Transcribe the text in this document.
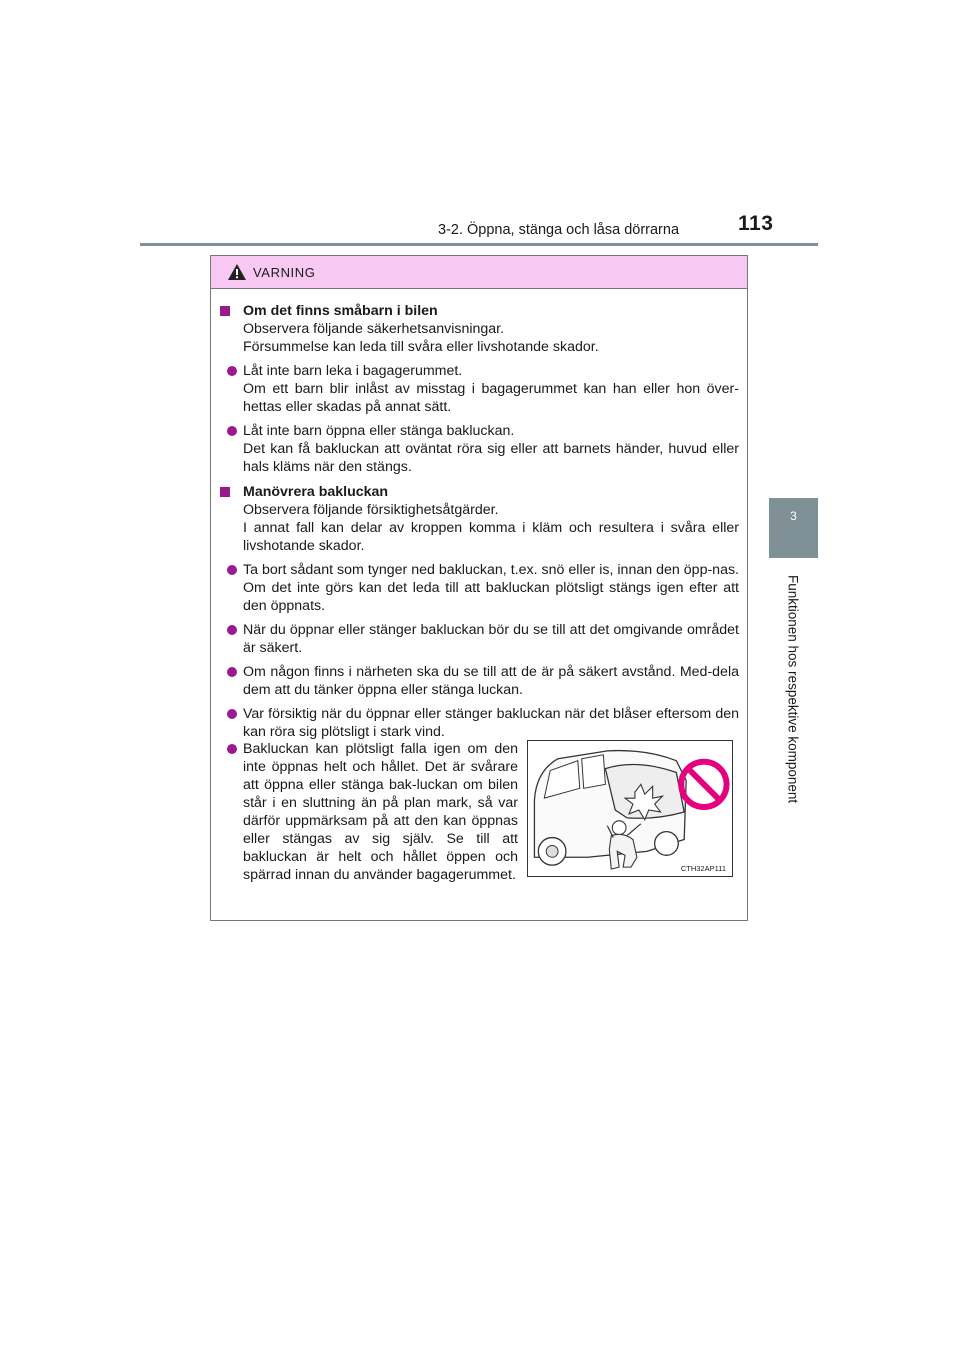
113
3-2. Öppna, stänga och låsa dörrarna
3
Funktionen hos respektive komponent
VARNING
Om det finns småbarn i bilen
Observera följande säkerhetsanvisningar.
Försummelse kan leda till svåra eller livshotande skador.
Låt inte barn leka i bagagerummet.
Om ett barn blir inlåst av misstag i bagagerummet kan han eller hon över-hettas eller skadas på annat sätt.
Låt inte barn öppna eller stänga bakluckan.
Det kan få bakluckan att oväntat röra sig eller att barnets händer, huvud eller hals kläms när den stängs.
Manövrera bakluckan
Observera följande försiktighetsåtgärder.
I annat fall kan delar av kroppen komma i kläm och resultera i svåra eller livshotande skador.
Ta bort sådant som tynger ned bakluckan, t.ex. snö eller is, innan den öpp-nas. Om det inte görs kan det leda till att bakluckan plötsligt stängs igen efter att den öppnats.
När du öppnar eller stänger bakluckan bör du se till att det omgivande området är säkert.
Om någon finns i närheten ska du se till att de är på säkert avstånd. Med-dela dem att du tänker öppna eller stänga luckan.
Var försiktig när du öppnar eller stänger bakluckan när det blåser eftersom den kan röra sig plötsligt i stark vind.
Bakluckan kan plötsligt falla igen om den inte öppnas helt och hållet. Det är svårare att öppna eller stänga bak-luckan om bilen står i en sluttning än på plan mark, så var därför uppmärksam på att den kan öppnas eller stängas av sig själv. Se till att bakluckan är helt och hållet öppen och spärrad innan du använder bagagerummet.	CTH32AP111
